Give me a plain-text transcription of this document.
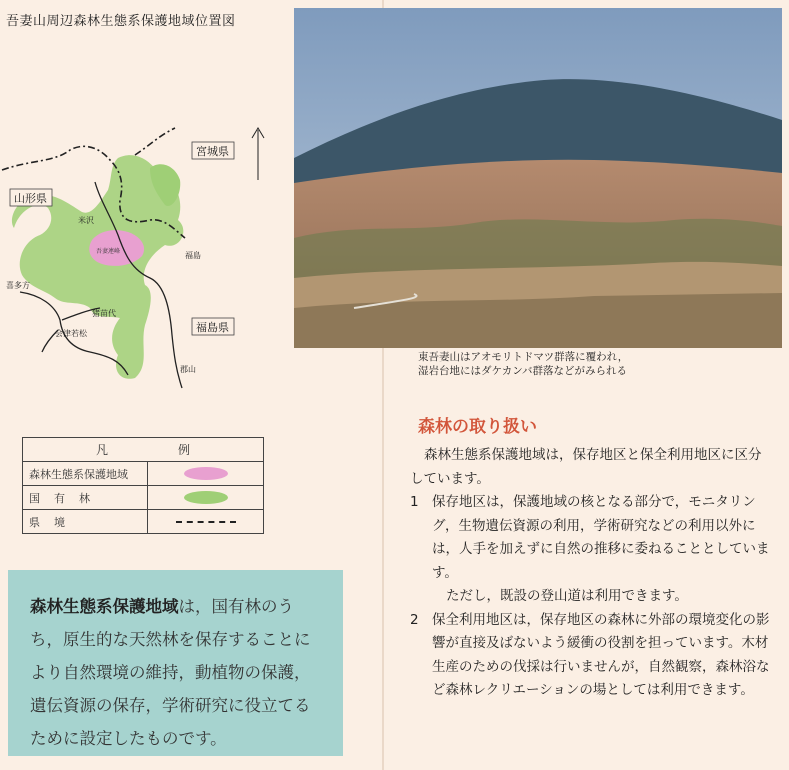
吾妻山周辺森林生態系保護地域位置図
吾妻連峰
宮城県
山形県
福島県
米沢
福島
喜多方
猪苗代
会津若松
郡山
凡	例
森林生態系保護地域
国有林
県境

森林生態系保護地域は，国有林のうち，原生的な天然林を保存することにより自然環境の維持，動植物の保護，遺伝資源の保存，学術研究に役立てるために設定したものです。

東吾妻山はアオモリトドマツ群落に覆われ，
湿岩台地にはダケカンバ群落などがみられる
森林の取り扱い

森林生態系保護地域は，保存地区と保全利用地区に区分しています。

1 保存地区は，保護地域の核となる部分で，モニタリング，生物遺伝資源の利用，学術研究などの利用以外には，人手を加えずに自然の推移に委ねることとしています。

ただし，既設の登山道は利用できます。

2 保全利用地区は，保存地区の森林に外部の環境変化の影響が直接及ばないよう緩衝の役割を担っています。木材生産のための伐採は行いませんが，自然観察，森林浴など森林レクリエーションの場としては利用できます。
